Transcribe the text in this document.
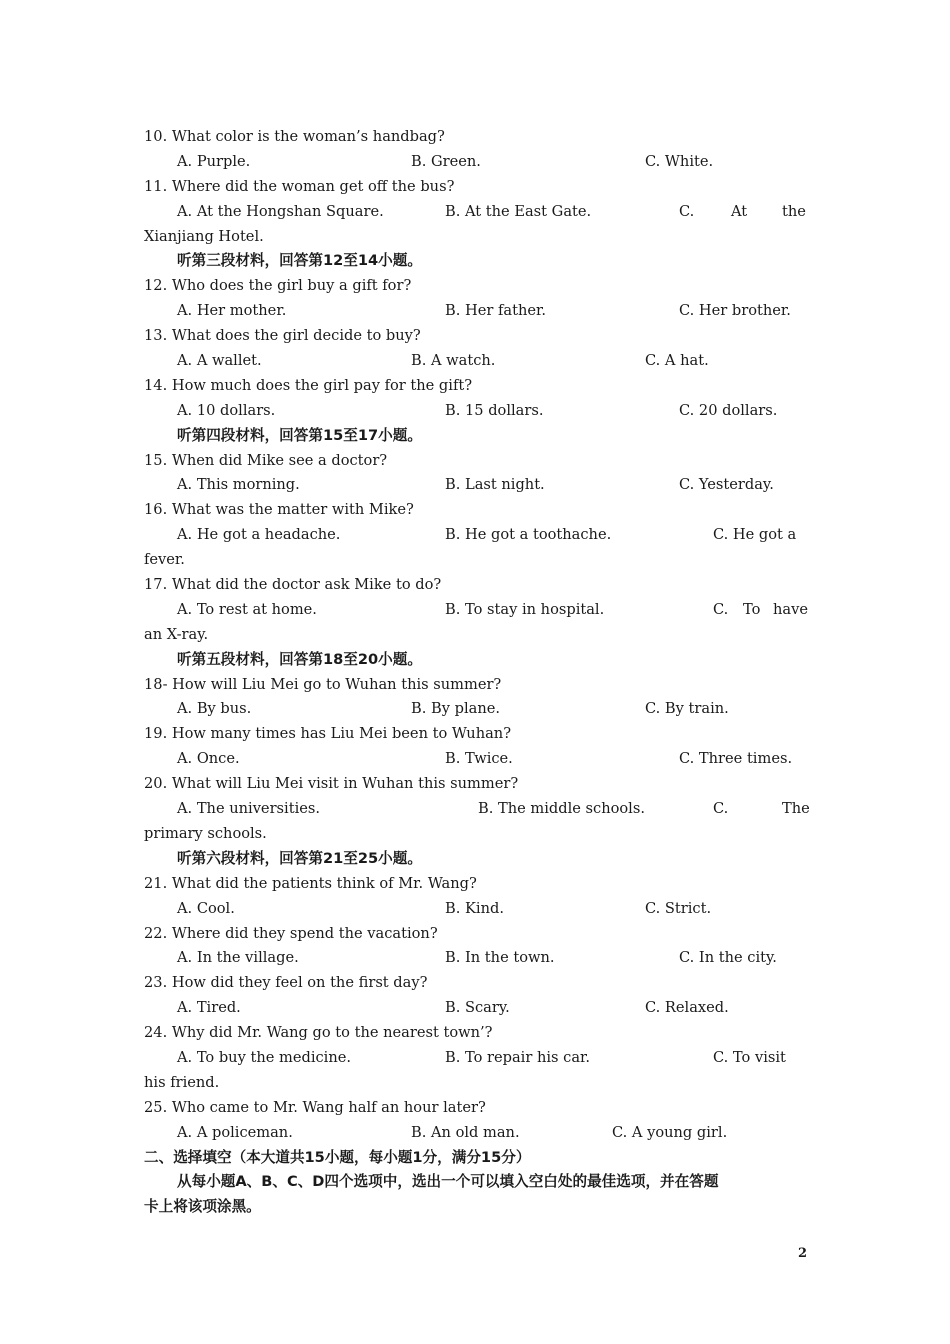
10. What color is the woman’s handbag?
A. Purple.	B. Green.	C. White.
11. Where did the woman get off the bus?
A. At the Hongshan Square.	B. At the East Gate.	C.	At the
Xianjiang Hotel.
听第三段材料，回答第12至14小题。
12. Who does the girl buy a gift for?
A. Her mother.	B. Her father.	C. Her brother.
13. What does the girl decide to buy?
A. A wallet.	B. A watch.	C. A hat.
14. How much does the girl pay for the gift?
A. 10 dollars.	B. 15 dollars.	C. 20 dollars.
听第四段材料，回答第15至17小题。
15. When did Mike see a doctor?
A. This morning.	B. Last night.	C. Yesterday.
16. What was the matter with Mike?
A. He got a headache.	B. He got a toothache.	C. He got a
fever.
17. What did the doctor ask Mike to do?
A. To rest at home.	B. To stay in hospital.	C. To have
an X-ray.
听第五段材料，回答第18至20小题。
18- How will Liu Mei go to Wuhan this summer?
A. By bus.	B. By plane.	C. By train.
19. How many times has Liu Mei been to Wuhan?
A. Once.	B. Twice.	C. Three times.
20. What will Liu Mei visit in Wuhan this summer?
A. The universities.	B. The middle schools.	C.	The
primary schools.
听第六段材料，回答第21至25小题。
21. What did the patients think of Mr. Wang?
A. Cool.	B. Kind.	C. Strict.
22. Where did they spend the vacation?
A. In the village.	B. In the town.	C. In the city.
23. How did they feel on the first day?
A. Tired.	B. Scary.	C. Relaxed.
24. Why did Mr. Wang go to the nearest town’?
A. To buy the medicine.	B. To repair his car.	C. To visit
his friend.
25. Who came to Mr. Wang half an hour later?
A. A policeman.	B. An old man.	C. A young girl.
二、选择填空（本大道共15小题，每小题1分，满分15分）
从每小题A、B、C、D四个选项中，选出一个可以填入空白处的最佳选项，并在答题
卡上将该项涂黑。
2
